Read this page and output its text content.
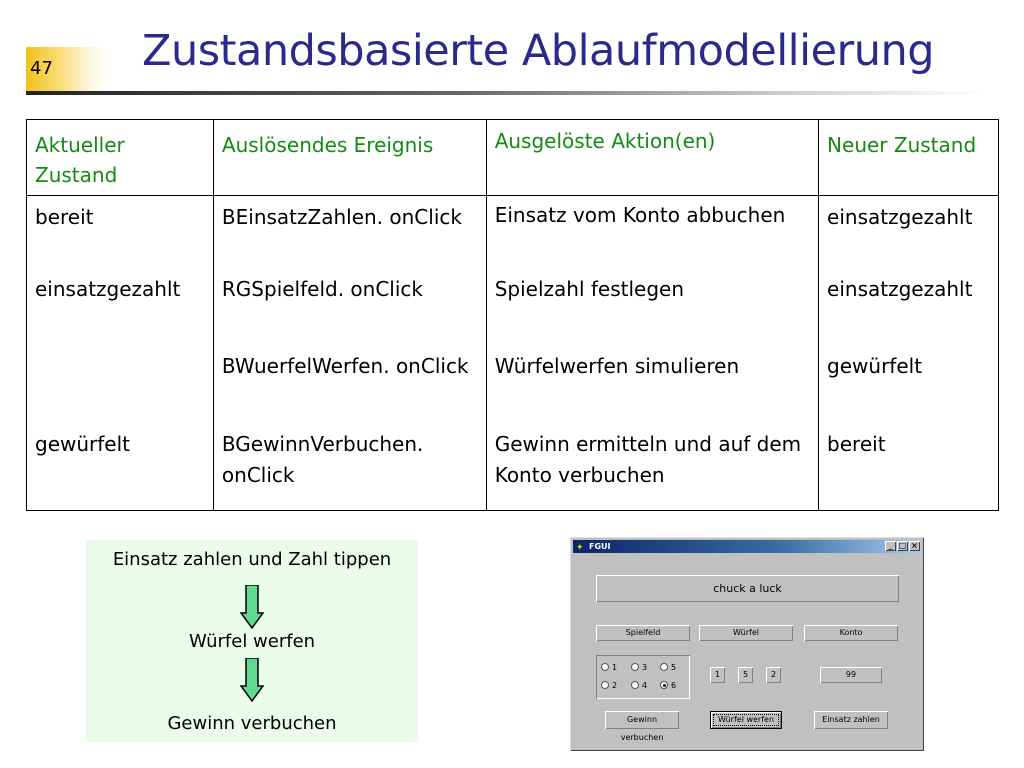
47	Zustandsbasierte Ablaufmodellierung
Aktueller Zustand	Auslösendes Ereignis	Ausgelöste Aktion(en)	Neuer Zustand
bereit	BEinsatzZahlen. onClick	Einsatz vom Konto abbuchen	einsatzgezahlt
einsatzgezahlt	RGSpielfeld. onClick	Spielzahl festlegen	einsatzgezahlt
	BWuerfelWerfen. onClick	Würfelwerfen simulieren	gewürfelt
gewürfelt	BGewinnVerbuchen. onClick	Gewinn ermitteln und auf dem Konto verbuchen	bereit
Einsatz zahlen und Zahl tippen
Würfel werfen
Gewinn verbuchen
✦ FGUI	_ □ ×
chuck a luck
Spielfeld	Würfel	Konto
1	3	5
2	4	6
1	5	2	99
Gewinn verbuchen
Würfel werfen	Einsatz zahlen
